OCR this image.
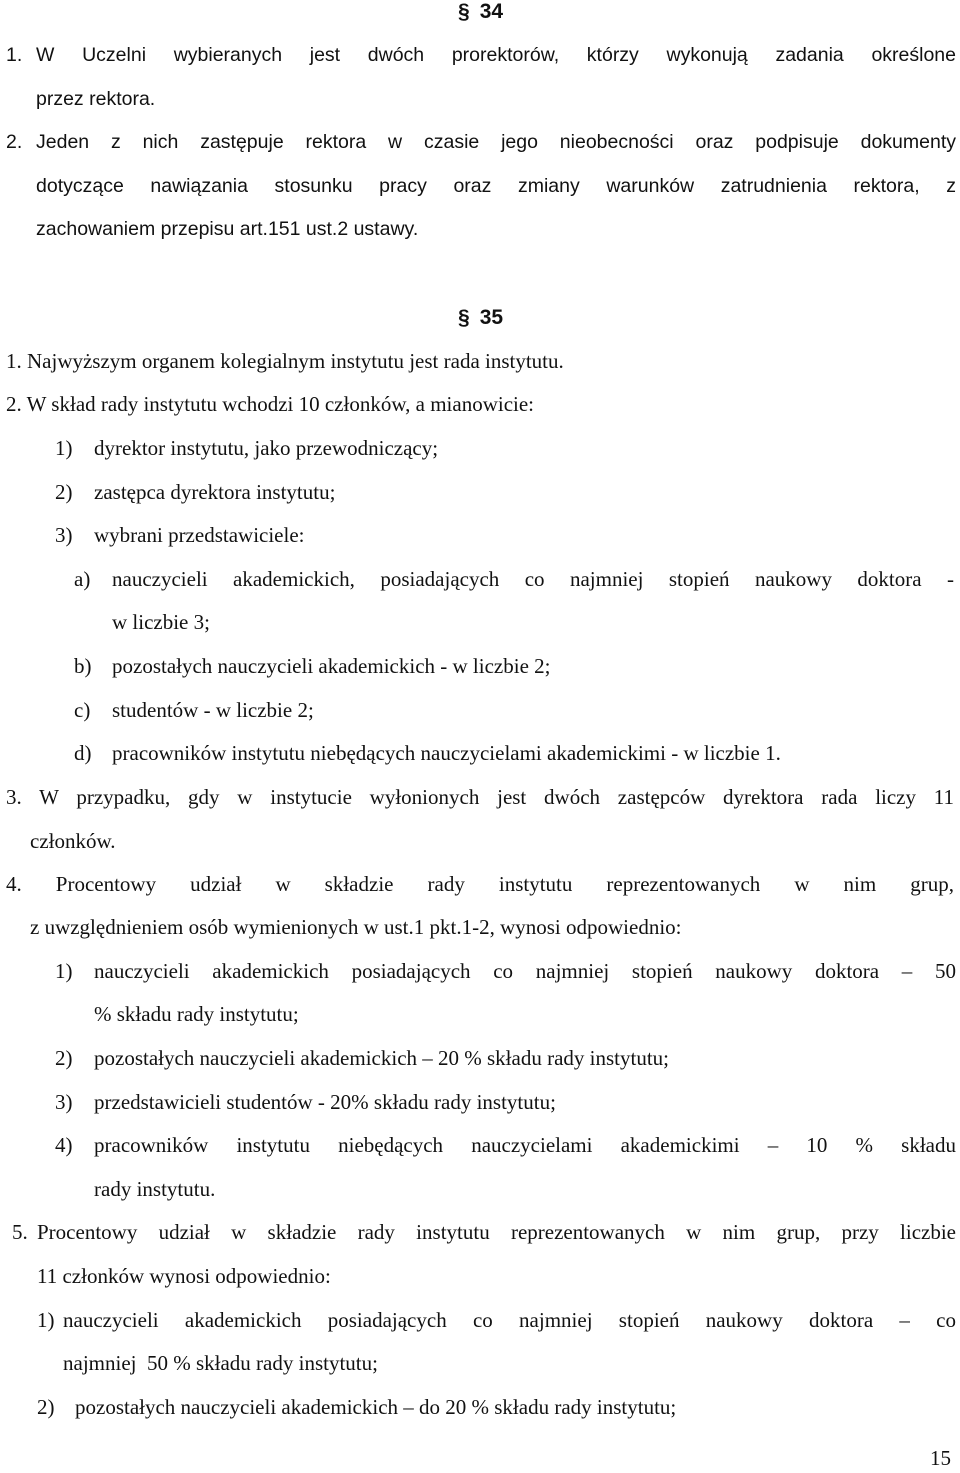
§ 34
1. W Uczelni wybieranych jest dwóch prorektorów, którzy wykonują zadania określone
przez rektora.
2. Jeden z nich zastępuje rektora w czasie jego nieobecności oraz podpisuje dokumenty
dotyczące nawiązania stosunku pracy oraz zmiany warunków zatrudnienia rektora, z
zachowaniem przepisu art.151 ust.2 ustawy.
§ 35
1. Najwyższym organem kolegialnym instytutu jest rada instytutu.
2. W skład rady instytutu wchodzi 10 członków, a mianowicie:
1) dyrektor instytutu, jako przewodniczący;
2) zastępca dyrektora instytutu;
3) wybrani przedstawiciele:
a) nauczycieli akademickich, posiadających co najmniej stopień naukowy doktora -
w liczbie 3;
b) pozostałych nauczycieli akademickich - w liczbie 2;
c) studentów - w liczbie 2;
d) pracowników instytutu niebędących nauczycielami akademickimi - w liczbie 1.
3. W przypadku, gdy w instytucie wyłonionych jest dwóch zastępców dyrektora rada liczy 11
członków.
4. Procentowy udział w składzie rady instytutu reprezentowanych w nim grup,
z uwzględnieniem osób wymienionych w ust.1 pkt.1-2, wynosi odpowiednio:
1) nauczycieli akademickich posiadających co najmniej stopień naukowy doktora – 50
% składu rady instytutu;
2) pozostałych nauczycieli akademickich – 20 % składu rady instytutu;
3) przedstawicieli studentów - 20% składu rady instytutu;
4) pracowników instytutu niebędących nauczycielami akademickimi – 10 % składu
rady instytutu.
5. Procentowy udział w składzie rady instytutu reprezentowanych w nim grup, przy liczbie
11 członków wynosi odpowiednio:
1) nauczycieli akademickich posiadających co najmniej stopień naukowy doktora – co
najmniej  50 % składu rady instytutu;
2) pozostałych nauczycieli akademickich – do 20 % składu rady instytutu;
15
